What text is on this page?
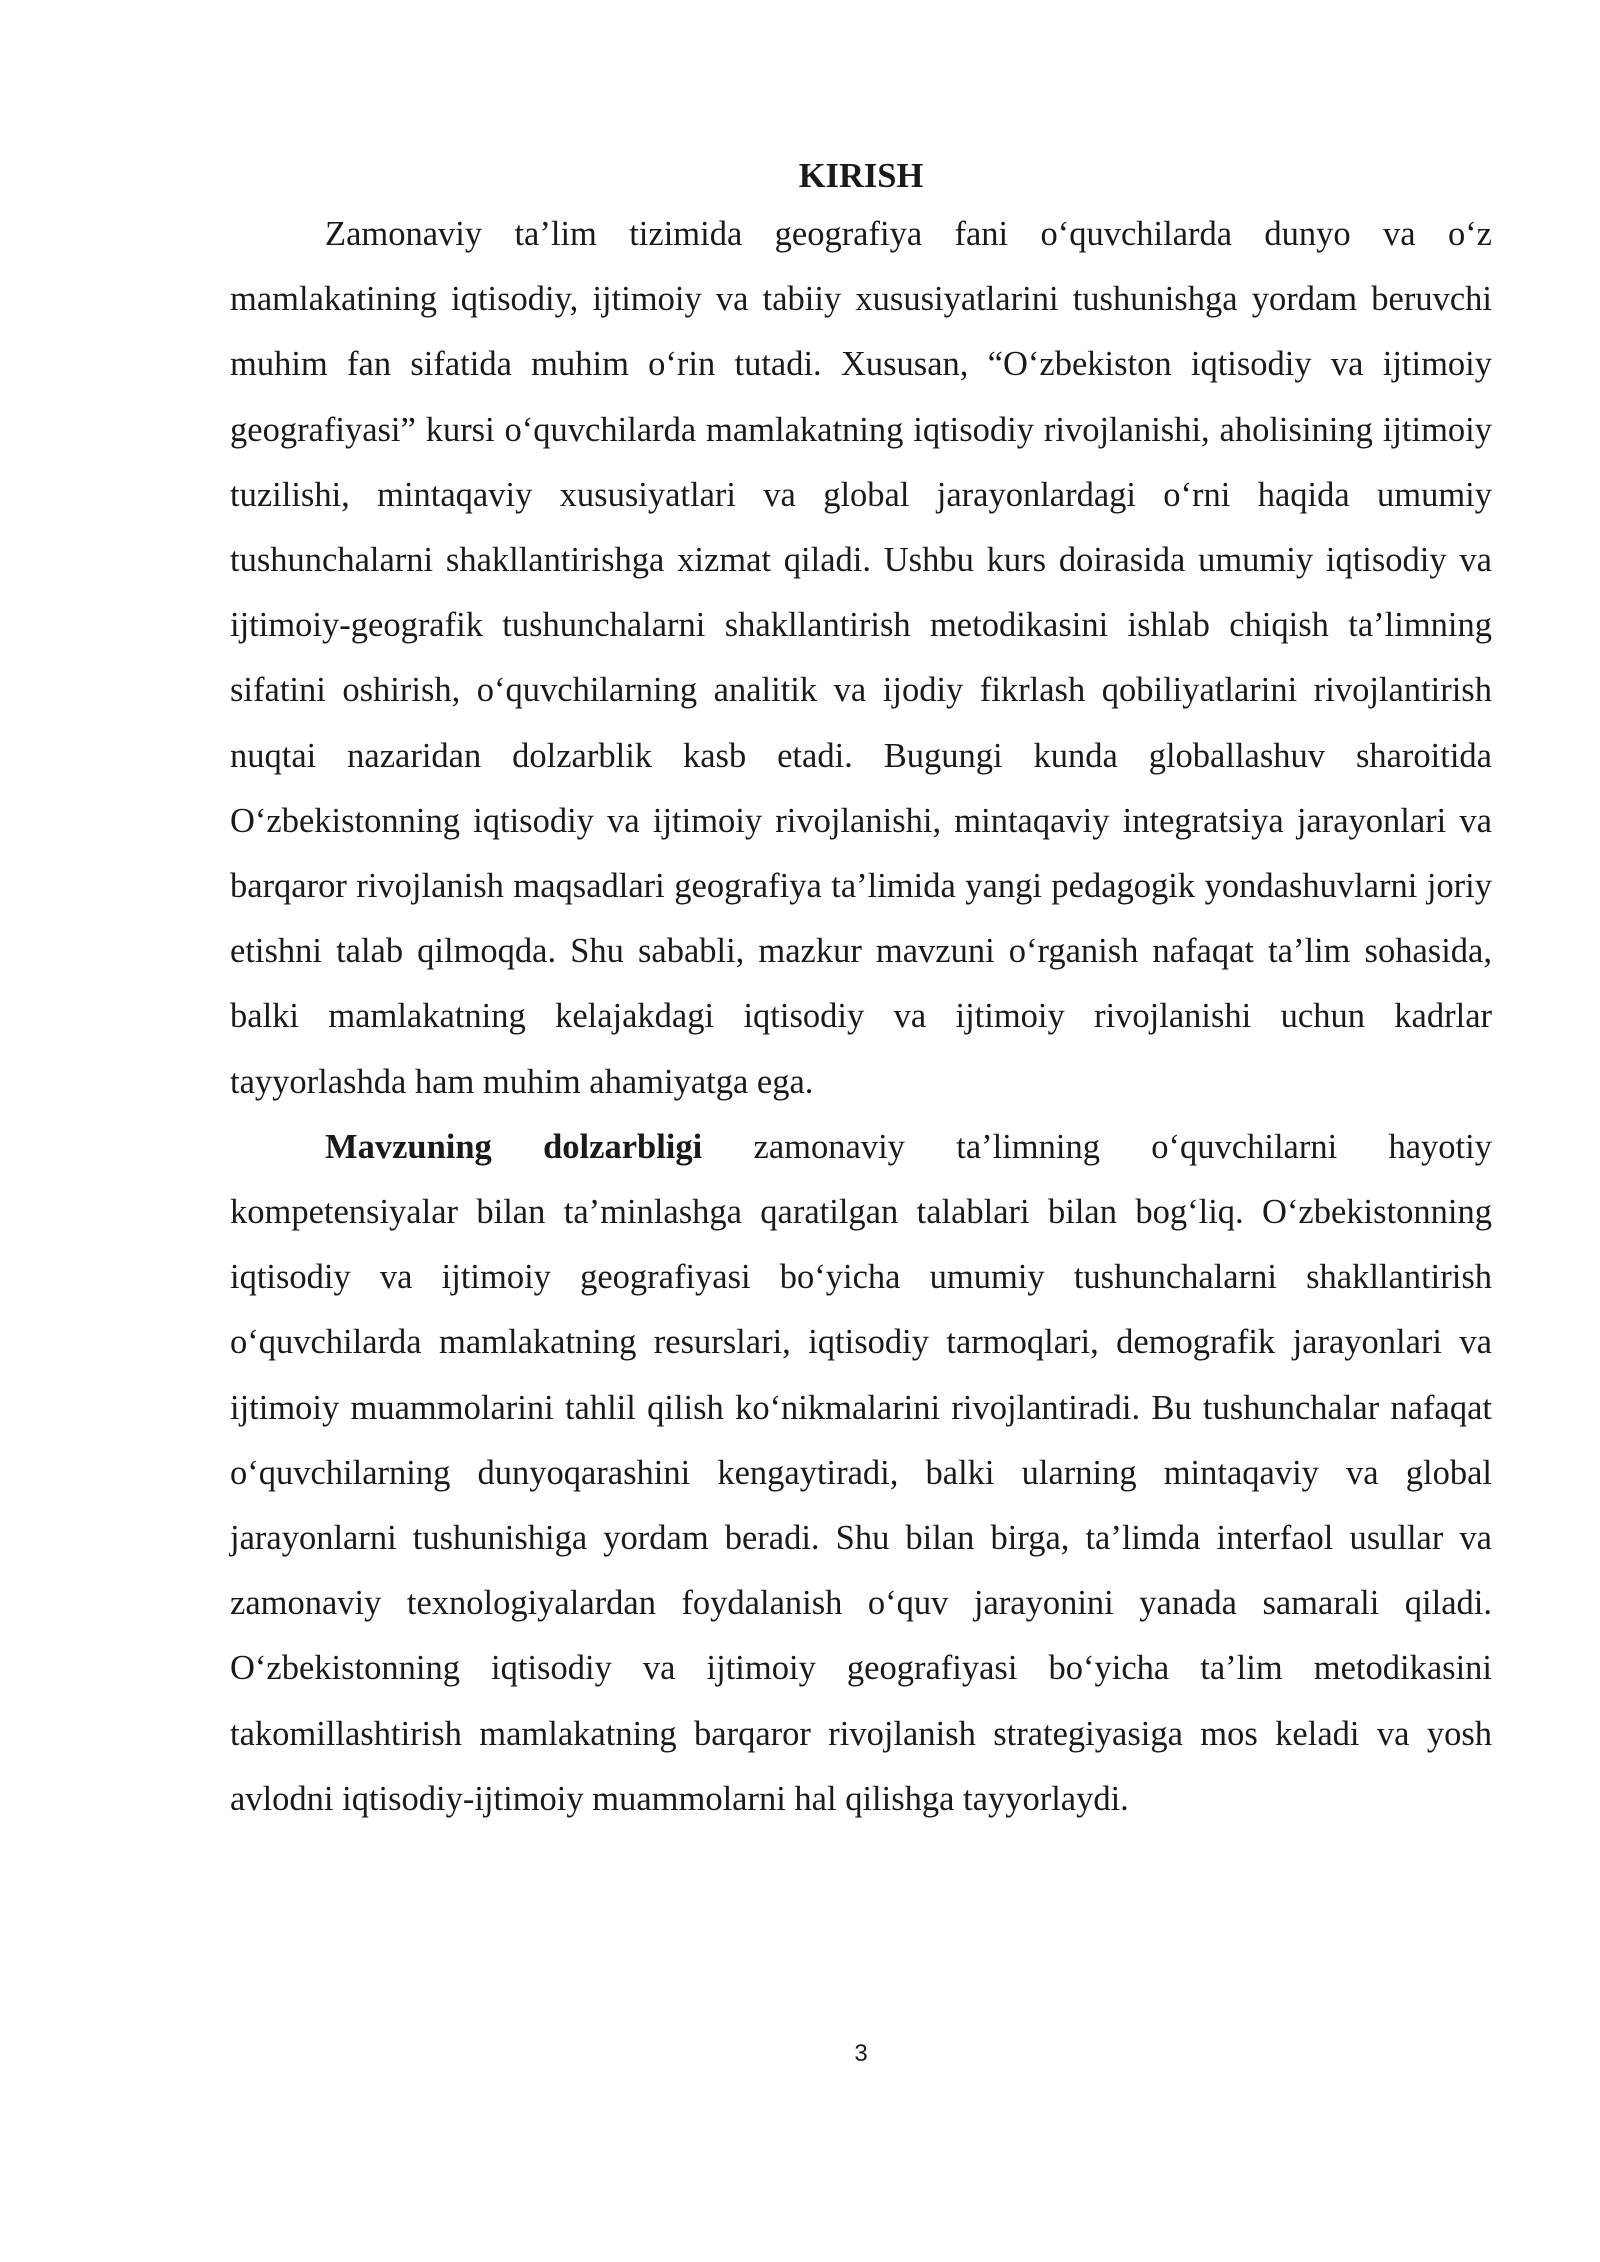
KIRISH

Zamonaviy ta’lim tizimida geografiya fani o‘quvchilarda dunyo va o‘z mamlakatining iqtisodiy, ijtimoiy va tabiiy xususiyatlarini tushunishga yordam beruvchi muhim fan sifatida muhim o‘rin tutadi. Xususan, “O‘zbekiston iqtisodiy va ijtimoiy geografiyasi” kursi o‘quvchilarda mamlakatning iqtisodiy rivojlanishi, aholisining ijtimoiy tuzilishi, mintaqaviy xususiyatlari va global jarayonlardagi o‘rni haqida umumiy tushunchalarni shakllantirishga xizmat qiladi. Ushbu kurs doirasida umumiy iqtisodiy va ijtimoiy-geografik tushunchalarni shakllantirish metodikasini ishlab chiqish ta’limning sifatini oshirish, o‘quvchilarning analitik va ijodiy fikrlash qobiliyatlarini rivojlantirish nuqtai nazaridan dolzarblik kasb etadi. Bugungi kunda globallashuv sharoitida O‘zbekistonning iqtisodiy va ijtimoiy rivojlanishi, mintaqaviy integratsiya jarayonlari va barqaror rivojlanish maqsadlari geografiya ta’limida yangi pedagogik yondashuvlarni joriy etishni talab qilmoqda. Shu sababli, mazkur mavzuni o‘rganish nafaqat ta’lim sohasida, balki mamlakatning kelajakdagi iqtisodiy va ijtimoiy rivojlanishi uchun kadrlar tayyorlashda ham muhim ahamiyatga ega.

Mavzuning dolzarbligi zamonaviy ta’limning o‘quvchilarni hayotiy kompetensiyalar bilan ta’minlashga qaratilgan talablari bilan bog‘liq. O‘zbekistonning iqtisodiy va ijtimoiy geografiyasi bo‘yicha umumiy tushunchalarni shakllantirish o‘quvchilarda mamlakatning resurslari, iqtisodiy tarmoqlari, demografik jarayonlari va ijtimoiy muammolarini tahlil qilish ko‘nikmalarini rivojlantiradi. Bu tushunchalar nafaqat o‘quvchilarning dunyoqarashini kengaytiradi, balki ularning mintaqaviy va global jarayonlarni tushunishiga yordam beradi. Shu bilan birga, ta’limda interfaol usullar va zamonaviy texnologiyalardan foydalanish o‘quv jarayonini yanada samarali qiladi. O‘zbekistonning iqtisodiy va ijtimoiy geografiyasi bo‘yicha ta’lim metodikasini takomillashtirish mamlakatning barqaror rivojlanish strategiyasiga mos keladi va yosh avlodni iqtisodiy-ijtimoiy muammolarni hal qilishga tayyorlaydi.

3
